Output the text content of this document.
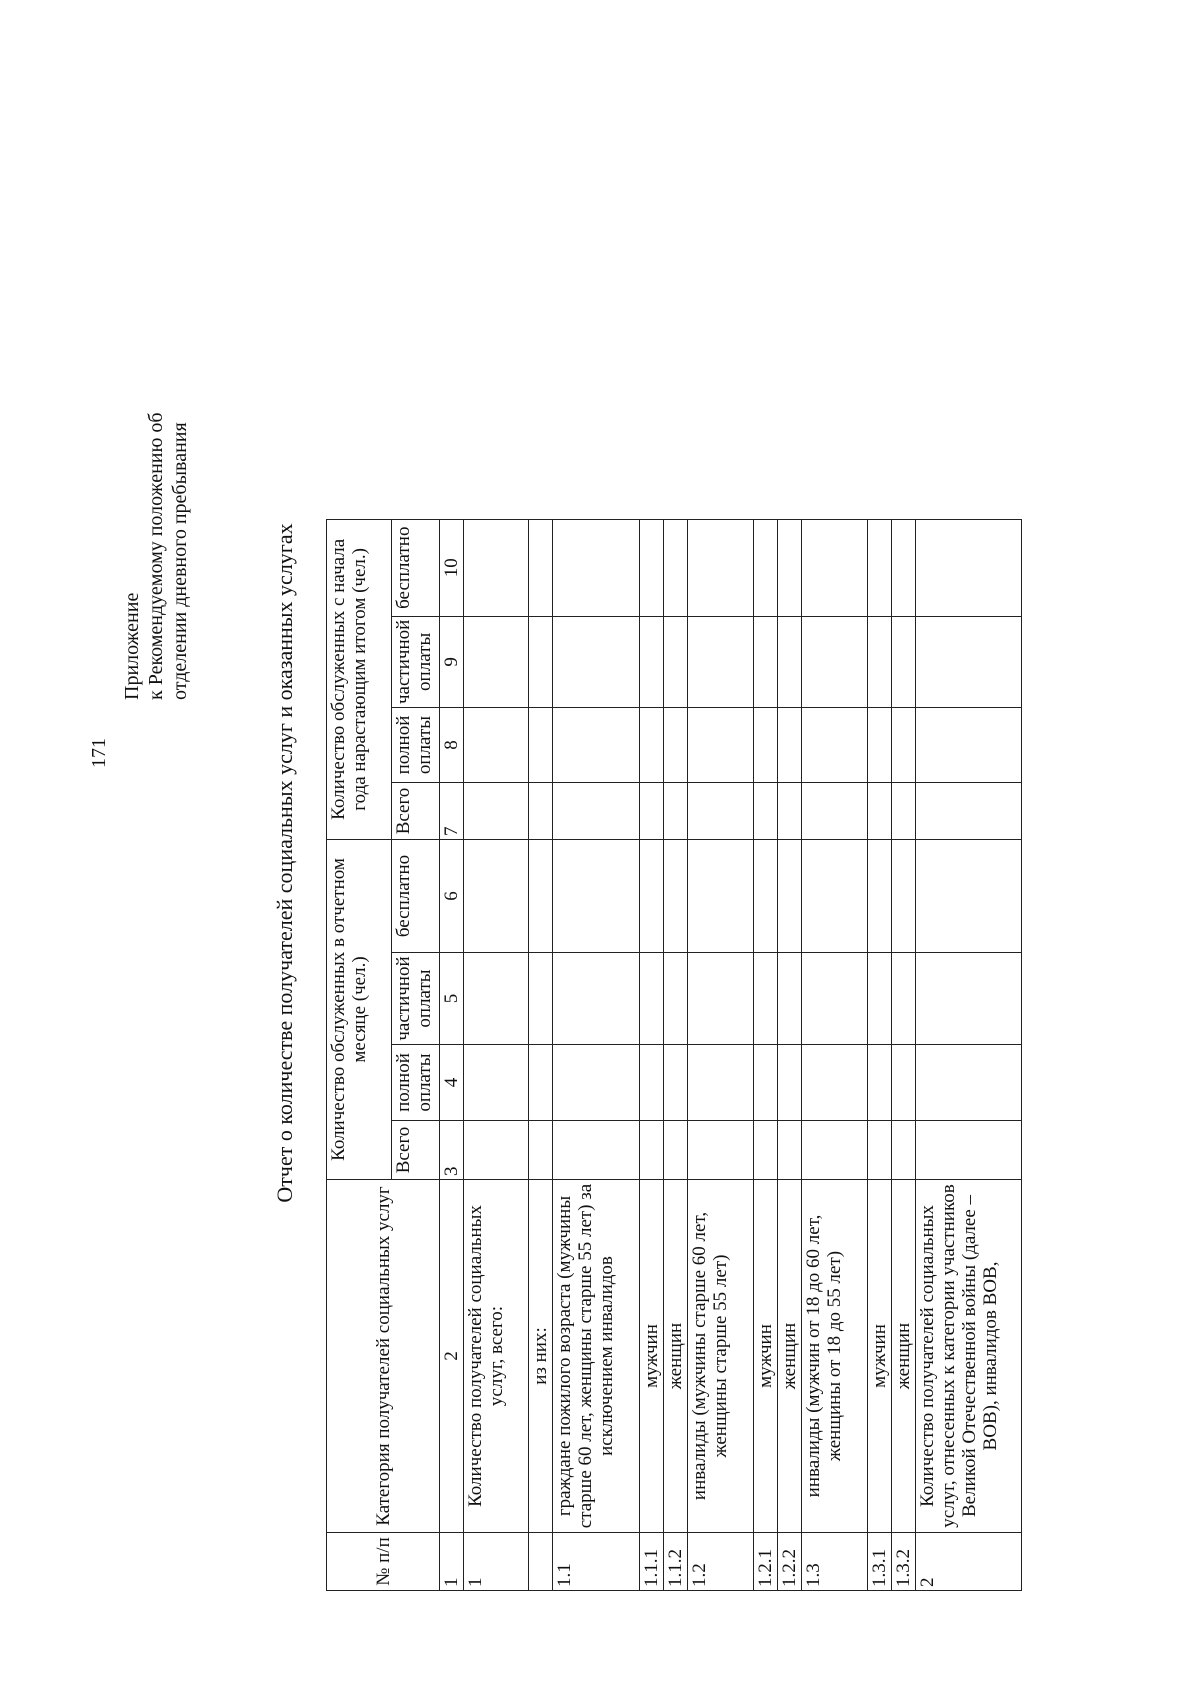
171
Приложение к Рекомендуемому положению об отделении дневного пребывания	Отчет о количестве получателей социальных услуг и оказанных услугах
№ п/п	Категория получателей социальных услуг	Количество обслуженных в отчетном месяце (чел.)				Количество обслуженных с начала года нарастающим итогом (чел.)			
		Всего	полной оплаты	частичной оплаты	бесплатно	Всего	полной оплаты	частичной оплаты	бесплатно
1	2	3	4	5	6	7	8	9	10
1	Количество получателей социальных услуг, всего:								
	из них:								
1.1	граждане пожилого возраста (мужчины старше 60 лет, женщины старше 55 лет) за исключением инвалидов								
1.1.1	мужчин								
1.1.2	женщин								
1.2	инвалиды (мужчины старше 60 лет, женщины старше 55 лет)								
1.2.1	мужчин								
1.2.2	женщин								
1.3	инвалиды (мужчин от 18 до 60 лет, женщины от 18 до 55 лет)								
1.3.1	мужчин								
1.3.2	женщин								
2	Количество получателей социальных услуг, отнесенных к категории участников Великой Отечественной войны (далее – ВОВ), инвалидов ВОВ,								
